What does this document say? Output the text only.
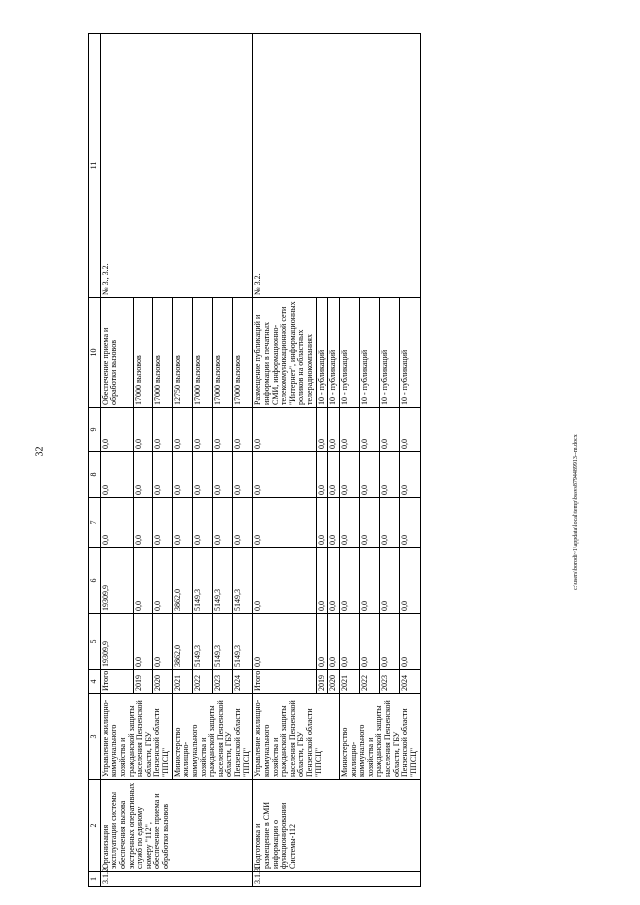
32
1	2	3	4	5	6	7	8	9	10	11
3.1.2.	Организация эксплуатации системы обеспечения вызова экстренных оперативных служб по единому номеру "112", обеспечение приема и обработки вызовов	Управление жилищно-коммунального хозяйства и гражданской защиты населения Пензенской области, ГБУ Пензенской области "ППСЦ"	Итого	19309,9	19309,9	0,0	0,0	0,0	Обеспечение приема и обработки вызовов	№ 3., 3.2.
			2019	0,0	0,0	0,0	0,0	0,0	17000 вызовов	
			2020	0,0	0,0	0,0	0,0	0,0	17000 вызовов	
		Министерство жилищно-коммунального хозяйства и гражданской защиты населения Пензенской области, ГБУ Пензенской области "ППСЦ"	2021	3862,0	3862,0	0,0	0,0	0,0	12750 вызовов	
			2022	5149,3	5149,3	0,0	0,0	0,0	17000 вызовов	
			2023	5149,3	5149,3	0,0	0,0	0,0	17000 вызовов	
			2024	5149,3	5149,3	0,0	0,0	0,0	17000 вызовов	
3.1.3.	Подготовка и размещение в СМИ информации о функционировании Системы-112	Управление жилищно-коммунального хозяйства и гражданской защиты населения Пензенской области, ГБУ Пензенской области "ППСЦ"	Итого	0,0	0,0	0,0	0,0	0,0	Размещение публикаций и информации в печатных СМИ, информационно-телекоммуникационной сети "Интернет", информационных роликов на областных телерадиокомпаниях	№ 3.2.
			2019	0,0	0,0	0,0	0,0	0,0	10 - публикаций	
			2020	0,0	0,0	0,0	0,0	0,0	10 - публикаций	
		Министерство жилищно-коммунального хозяйства и гражданской защиты населения Пензенской области, ГБУ Пензенской области "ППСЦ"	2021	0,0	0,0	0,0	0,0	0,0	10 - публикаций	
			2022	0,0	0,0	0,0	0,0	0,0	10 - публикаций	
			2023	0,0	0,0	0,0	0,0	0,0	10 - публикаций	
			2024	0,0	0,0	0,0	0,0	0,0	10 - публикаций	
c:\users\borodi~1\appdata\local\temp\bssvs8794489913--m.docx
